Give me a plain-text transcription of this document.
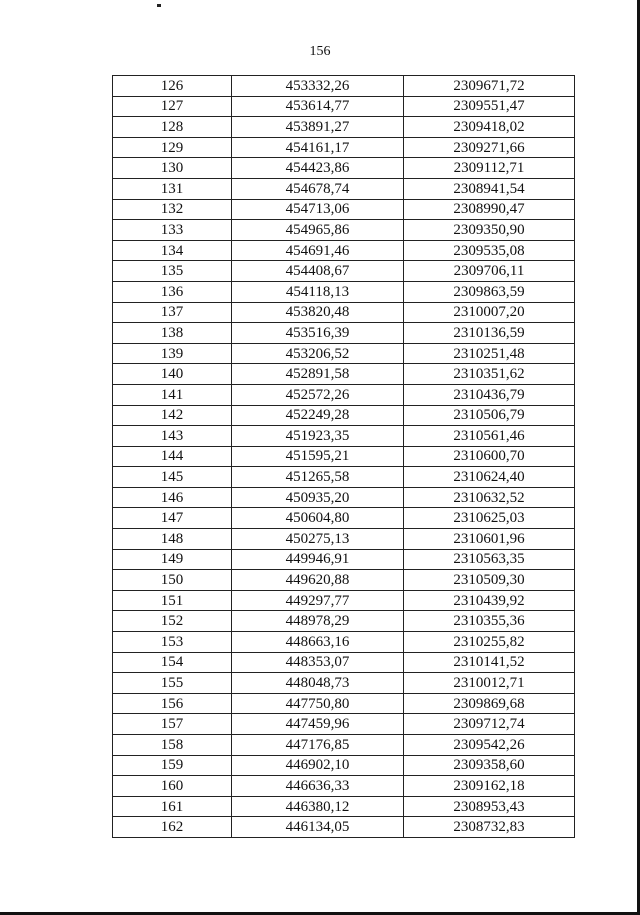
156
126	453332,26	2309671,72
127	453614,77	2309551,47
128	453891,27	2309418,02
129	454161,17	2309271,66
130	454423,86	2309112,71
131	454678,74	2308941,54
132	454713,06	2308990,47
133	454965,86	2309350,90
134	454691,46	2309535,08
135	454408,67	2309706,11
136	454118,13	2309863,59
137	453820,48	2310007,20
138	453516,39	2310136,59
139	453206,52	2310251,48
140	452891,58	2310351,62
141	452572,26	2310436,79
142	452249,28	2310506,79
143	451923,35	2310561,46
144	451595,21	2310600,70
145	451265,58	2310624,40
146	450935,20	2310632,52
147	450604,80	2310625,03
148	450275,13	2310601,96
149	449946,91	2310563,35
150	449620,88	2310509,30
151	449297,77	2310439,92
152	448978,29	2310355,36
153	448663,16	2310255,82
154	448353,07	2310141,52
155	448048,73	2310012,71
156	447750,80	2309869,68
157	447459,96	2309712,74
158	447176,85	2309542,26
159	446902,10	2309358,60
160	446636,33	2309162,18
161	446380,12	2308953,43
162	446134,05	2308732,83
